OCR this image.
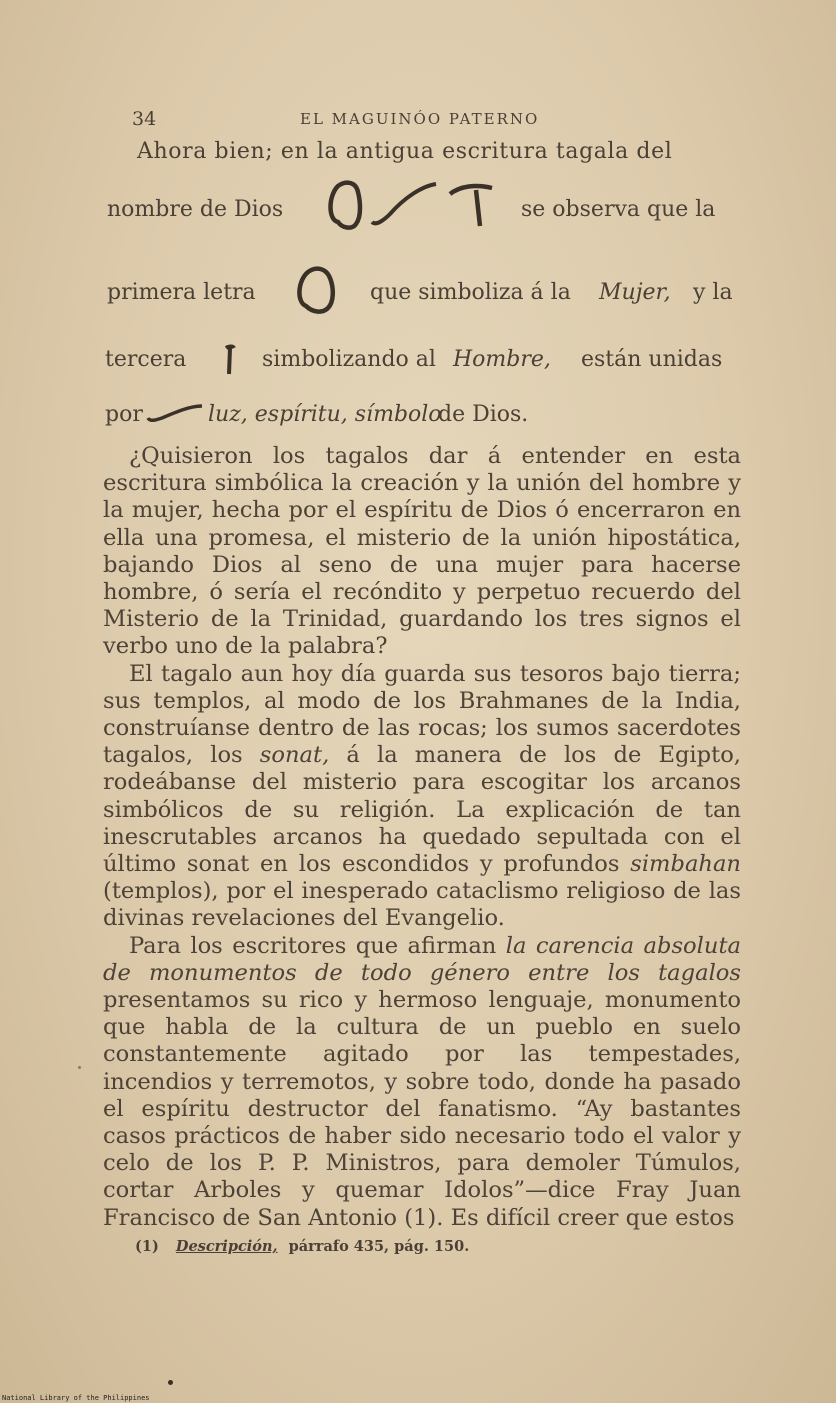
34	EL MAGUINÓO PATERNO
Ahora bien; en la antigua escritura tagala del
nombre de Dios	se observa que la
primera letra	que simboliza á la Mujer, y la
tercera	simbolizando al Hombre, están unidas
por	luz, espíritu, símbolo
de Dios.

¿Quisieron los tagalos dar á entender en esta escritura simbólica la creación y la unión del hombre y la mujer, hecha por el espíritu de Dios ó encerraron en ella una promesa, el misterio de la unión hipostática, bajando Dios al seno de una mujer para hacerse hombre, ó sería el recóndito y perpetuo recuerdo del Misterio de la Trinidad, guardando los tres signos el verbo uno de la palabra?

El tagalo aun hoy día guarda sus tesoros bajo tierra; sus templos, al modo de los Brahmanes de la India, construíanse dentro de las rocas; los sumos sacerdotes tagalos, los sonat, á la manera de los de Egipto, rodeábanse del misterio para escogitar los arcanos simbólicos de su religión. La explicación de tan inescrutables arcanos ha quedado sepultada con el último sonat en los escondidos y profundos simbahan (templos), por el inesperado cataclismo religioso de las divinas revelaciones del Evangelio.

Para los escritores que afirman la carencia absoluta de monumentos de todo género entre los tagalos presentamos su rico y hermoso lenguaje, monumento que habla de la cultura de un pueblo en suelo constantemente agitado por las tempestades, incendios y terremotos, y sobre todo, donde ha pasado el espíritu destructor del fanatismo. “Ay bastantes casos prácticos de haber sido necesario todo el valor y celo de los P. P. Ministros, para demoler Túmulos, cortar Arboles y quemar Idolos”—dice Fray Juan Francisco de San Antonio (1). Es difícil creer que estos

(1) Descripción, párrafo 435, pág. 150.
National Library of the Philippines
